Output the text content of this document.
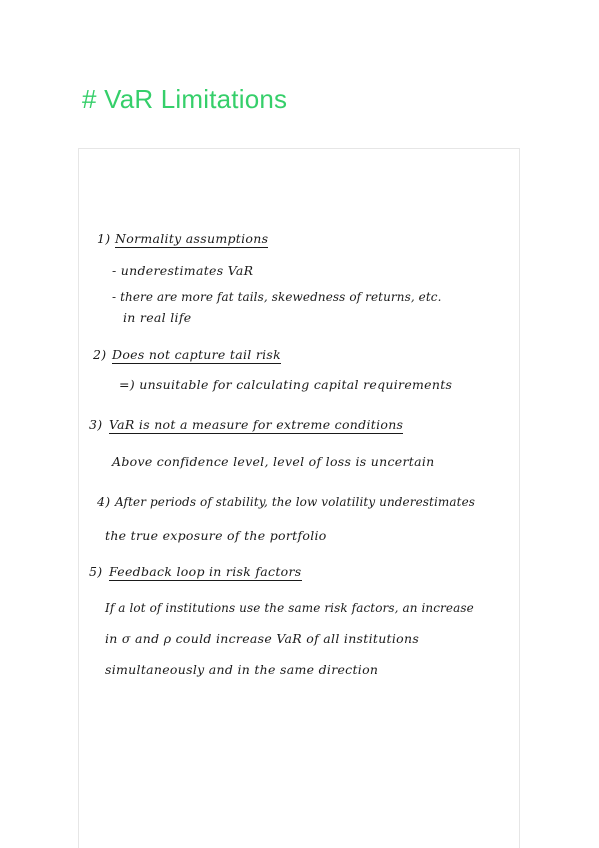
# VaR Limitations
1) Normality assumptions
- underestimates VaR
- there are more fat tails, skewedness of returns, etc.
in real life
2) Does not capture tail risk
=) unsuitable for calculating capital requirements
3) VaR is not a measure for extreme conditions
Above confidence level, level of loss is uncertain
4) After periods of stability, the low volatility underestimates
the true exposure of the portfolio
5) Feedback loop in risk factors
If a lot of institutions use the same risk factors, an increase
in σ and ρ could increase VaR of all institutions
simultaneously and in the same direction
